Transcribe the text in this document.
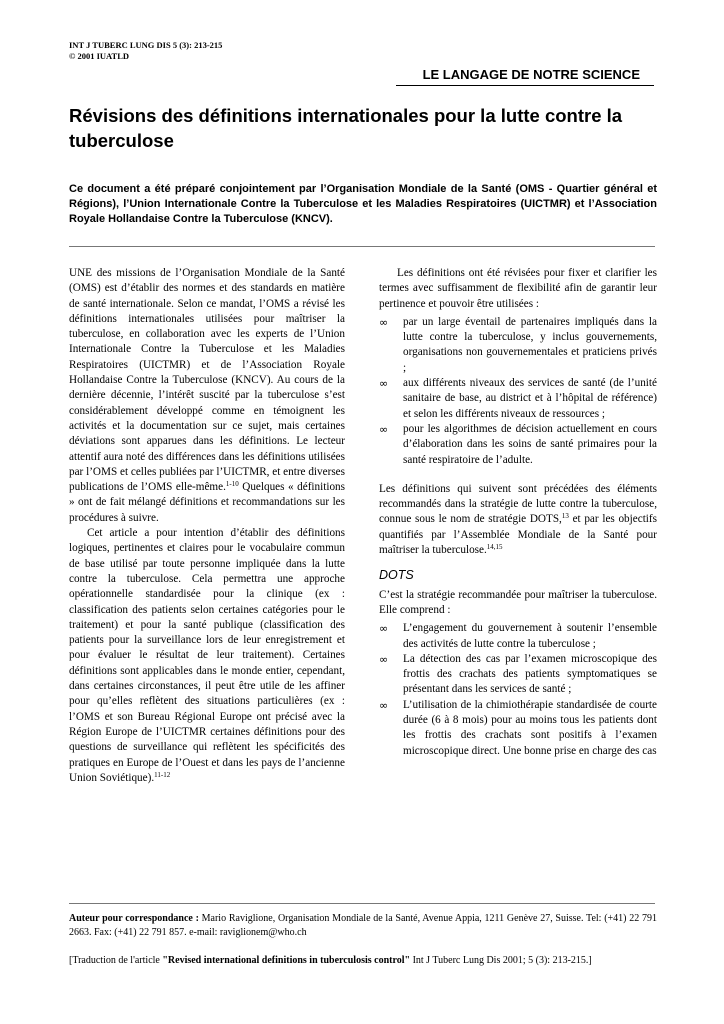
INT J TUBERC LUNG DIS 5 (3): 213-215
© 2001 IUATLD
LE LANGAGE DE NOTRE SCIENCE
Révisions des définitions internationales pour la lutte contre la tuberculose

Ce document a été préparé conjointement par l’Organisation Mondiale de la Santé (OMS - Quartier général et Régions), l’Union Internationale Contre la Tuberculose et les Maladies Respiratoires (UICTMR) et l’Association Royale Hollandaise Contre la Tuberculose (KNCV).

UNE des missions de l’Organisation Mondiale de la Santé (OMS) est d’établir des normes et des standards en matière de santé internationale. Selon ce mandat, l’OMS a révisé les définitions internationales utilisées pour maîtriser la tuberculose, en collaboration avec les experts de l’Union Internationale Contre la Tuberculose et les Maladies Respiratoires (UICTMR) et de l’Association Royale Hollandaise Contre la Tuberculose (KNCV). Au cours de la dernière décennie, l’intérêt suscité par la tuberculose s’est considérablement développé comme en témoignent les activités et la documentation sur ce sujet, mais certaines déviations sont apparues dans les définitions. Le lecteur attentif aura noté des différences dans les définitions utilisées par l’OMS et celles publiées par l’UICTMR, et entre diverses publications de l’OMS elle-même.$^{1-10}$ Quelques « définitions » ont de fait mélangé définitions et recommandations sur les procédures à suivre.

Cet article a pour intention d’établir des définitions logiques, pertinentes et claires pour le vocabulaire commun de base utilisé par toute personne impliquée dans la lutte contre la tuberculose. Cela permettra une approche opérationnelle standardisée pour la clinique (ex : classification des patients selon certaines catégories pour le traitement) et pour la santé publique (classification des patients pour la surveillance lors de leur enregistrement et pour évaluer le résultat de leur traitement). Certaines définitions sont applicables dans le monde entier, cependant, dans certaines circonstances, il peut être utile de les affiner pour qu’elles reflètent des situations particulières (ex : l’OMS et son Bureau Régional Europe ont précisé avec la Région Europe de l’UICTMR certaines définitions pour des questions de surveillance qui reflètent les spécificités des pratiques en Europe de l’Ouest et dans les pays de l’ancienne Union Soviétique).$^{11-12}$

Les définitions ont été révisées pour fixer et clarifier les termes avec suffisamment de flexibilité afin de garantir leur pertinence et pouvoir être utilisées :

∞ par un large éventail de partenaires impliqués dans la lutte contre la tuberculose, y inclus gouvernements, organisations non gouvernementales et praticiens privés ;
∞ aux différents niveaux des services de santé (de l’unité sanitaire de base, au district et à l’hôpital de référence) et selon les différents niveaux de ressources ;
∞ pour les algorithmes de décision actuellement en cours d’élaboration dans les soins de santé primaires pour la santé respiratoire de l’adulte.

Les définitions qui suivent sont précédées des éléments recommandés dans la stratégie de lutte contre la tuberculose, connue sous le nom de stratégie DOTS,$^{13}$ et par les objectifs quantifiés par l’Assemblée Mondiale de la Santé pour maîtriser la tuberculose.$^{14,15}$

DOTS

C’est la stratégie recommandée pour maîtriser la tuberculose. Elle comprend :

∞ L’engagement du gouvernement à soutenir l’ensemble des activités de lutte contre la tuberculose ;
∞ La détection des cas par l’examen microscopique des frottis des crachats des patients symptomatiques se présentant dans les services de santé ;
∞ L’utilisation de la chimiothérapie standardisée de courte durée (6 à 8 mois) pour au moins tous les patients dont les frottis des crachats sont positifs à l’examen microscopique direct. Une bonne prise en charge des cas

Auteur pour correspondance : Mario Raviglione, Organisation Mondiale de la Santé, Avenue Appia, 1211 Genève 27, Suisse. Tel: (+41) 22 791 2663. Fax: (+41) 22 791 857. e-mail: raviglionem@who.ch

[Traduction de l'article "Revised international definitions in tuberculosis control" Int J Tuberc Lung Dis 2001; 5 (3): 213-215.]
